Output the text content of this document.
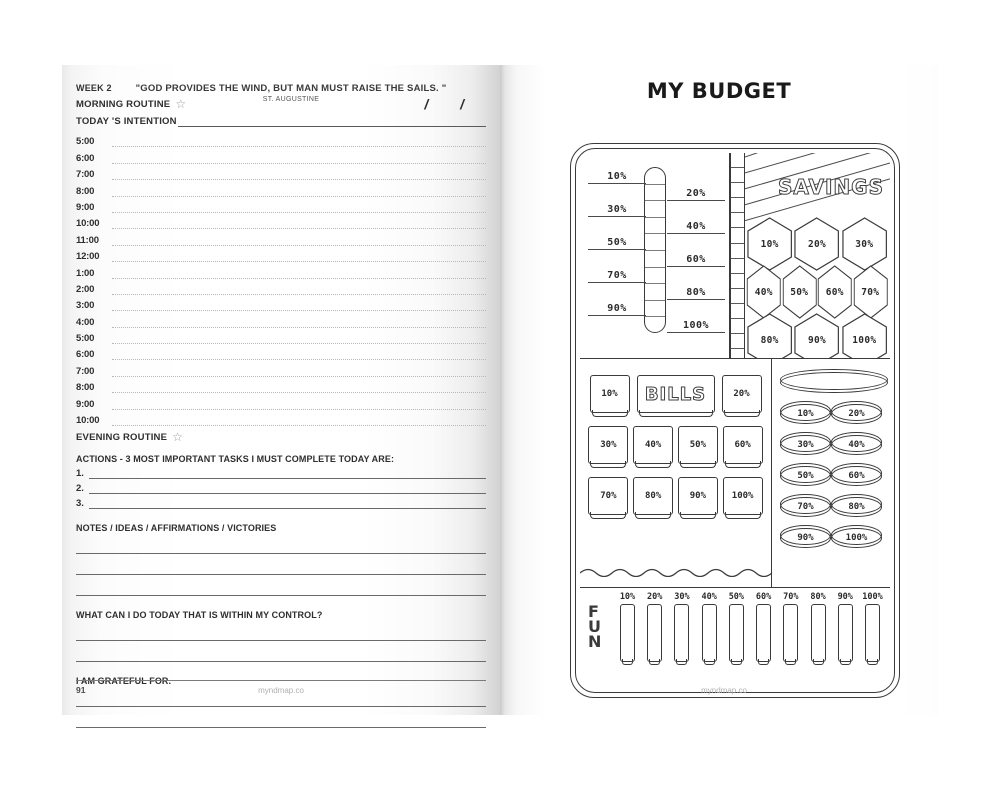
"GOD PROVIDES THE WIND, BUT MAN MUST RAISE THE SAILS. "
ST. AUGUSTINE
WEEK 2
MORNING ROUTINE ☆	/ /
TODAY 'S INTENTION
5:00
6:00
7:00
8:00
9:00
10:00
11:00
12:00
1:00
2:00
3:00
4:00
5:00
6:00
7:00
8:00
9:00
10:00
EVENING ROUTINE ☆
ACTIONS - 3 MOST IMPORTANT TASKS I MUST COMPLETE TODAY ARE:
1.
2.
3.
NOTES / IDEAS / AFFIRMATIONS / VICTORIES
WHAT CAN I DO TODAY THAT IS WITHIN MY CONTROL?
I AM GRATEFUL FOR.
91	myndmap.co
MY BUDGET
10%
30%
50%
70%
90%
20%
40%
60%
80%
100%
SAVINGS
10%	20%	30%
40% 50% 60% 70%
80%	90%	100%
10%	BILLS	20%
30%	40%	50%	60%
70%	80%	90%	100%
10%	20%
30%	40%
50%	60%
70%	80%
90%	100%
F
U
N
10% 20% 30% 40% 50% 60% 70% 80% 90% 100%
myndmap.co
